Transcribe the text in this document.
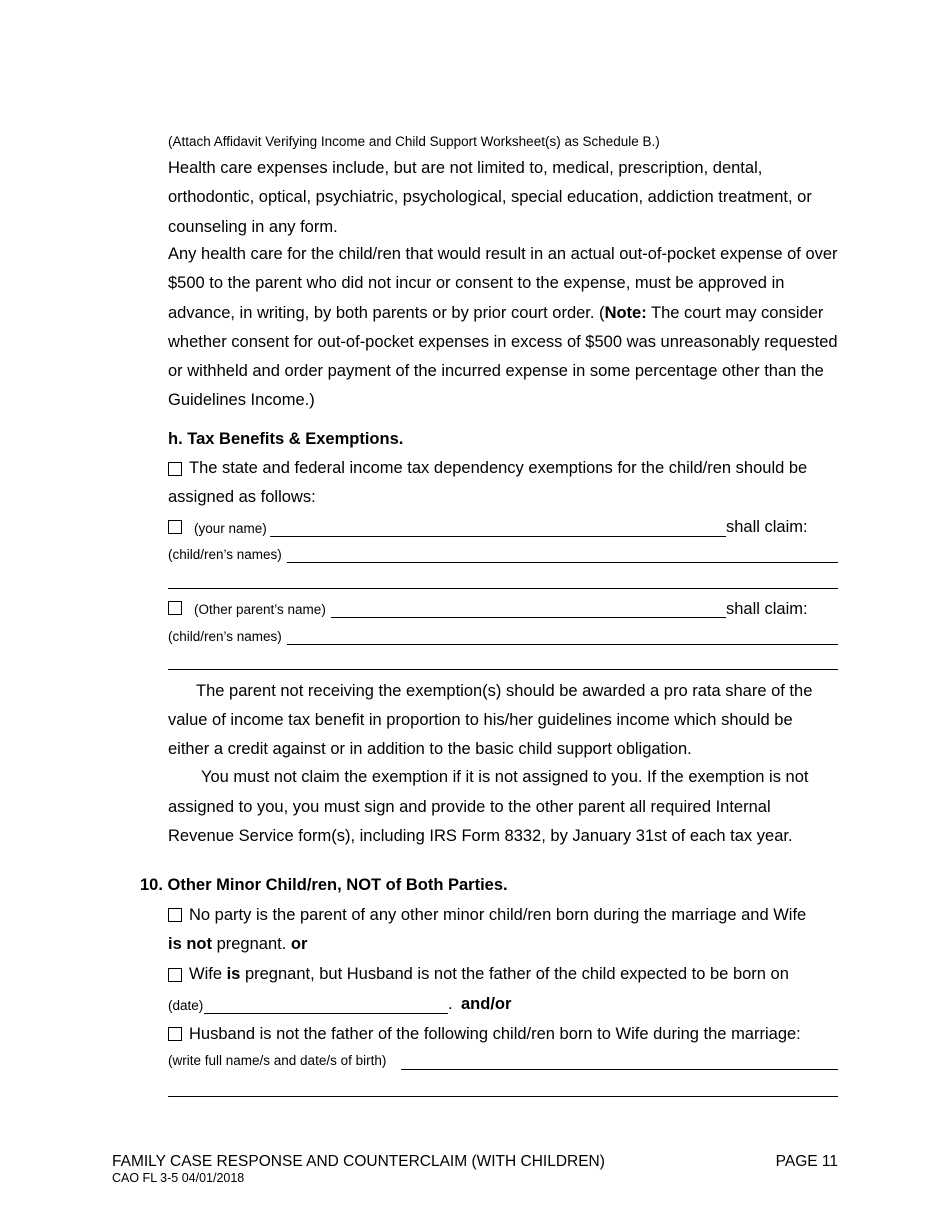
(Attach Affidavit Verifying Income and Child Support Worksheet(s) as Schedule B.)
Health care expenses include, but are not limited to, medical, prescription, dental, orthodontic, optical, psychiatric, psychological, special education, addiction treatment, or counseling in any form.
Any health care for the child/ren that would result in an actual out-of-pocket expense of over $500 to the parent who did not incur or consent to the expense, must be approved in advance, in writing, by both parents or by prior court order. (Note: The court may consider whether consent for out-of-pocket expenses in excess of $500 was unreasonably requested or withheld and order payment of the incurred expense in some percentage other than the Guidelines Income.)
h. Tax Benefits & Exemptions.
The state and federal income tax dependency exemptions for the child/ren should be
assigned as follows:
(your name)	shall claim:
(child/ren’s names)
(Other parent’s name)	shall claim:
(child/ren’s names)
The parent not receiving the exemption(s) should be awarded a pro rata share of the
value of income tax benefit in proportion to his/her guidelines income which should be
either a credit against or in addition to the basic child support obligation.
You must not claim the exemption if it is not assigned to you. If the exemption is not
assigned to you, you must sign and provide to the other parent all required Internal
Revenue Service form(s), including IRS Form 8332, by January 31st of each tax year.
10. Other Minor Child/ren, NOT of Both Parties.
No party is the parent of any other minor child/ren born during the marriage and Wife
is not pregnant. or
Wife is pregnant, but Husband is not the father of the child expected to be born on
(date)	. and/or
Husband is not the father of the following child/ren born to Wife during the marriage:
(write full name/s and date/s of birth)
FAMILY CASE RESPONSE AND COUNTERCLAIM (WITH CHILDREN)
CAO FL 3-5 04/01/2018
PAGE 11
